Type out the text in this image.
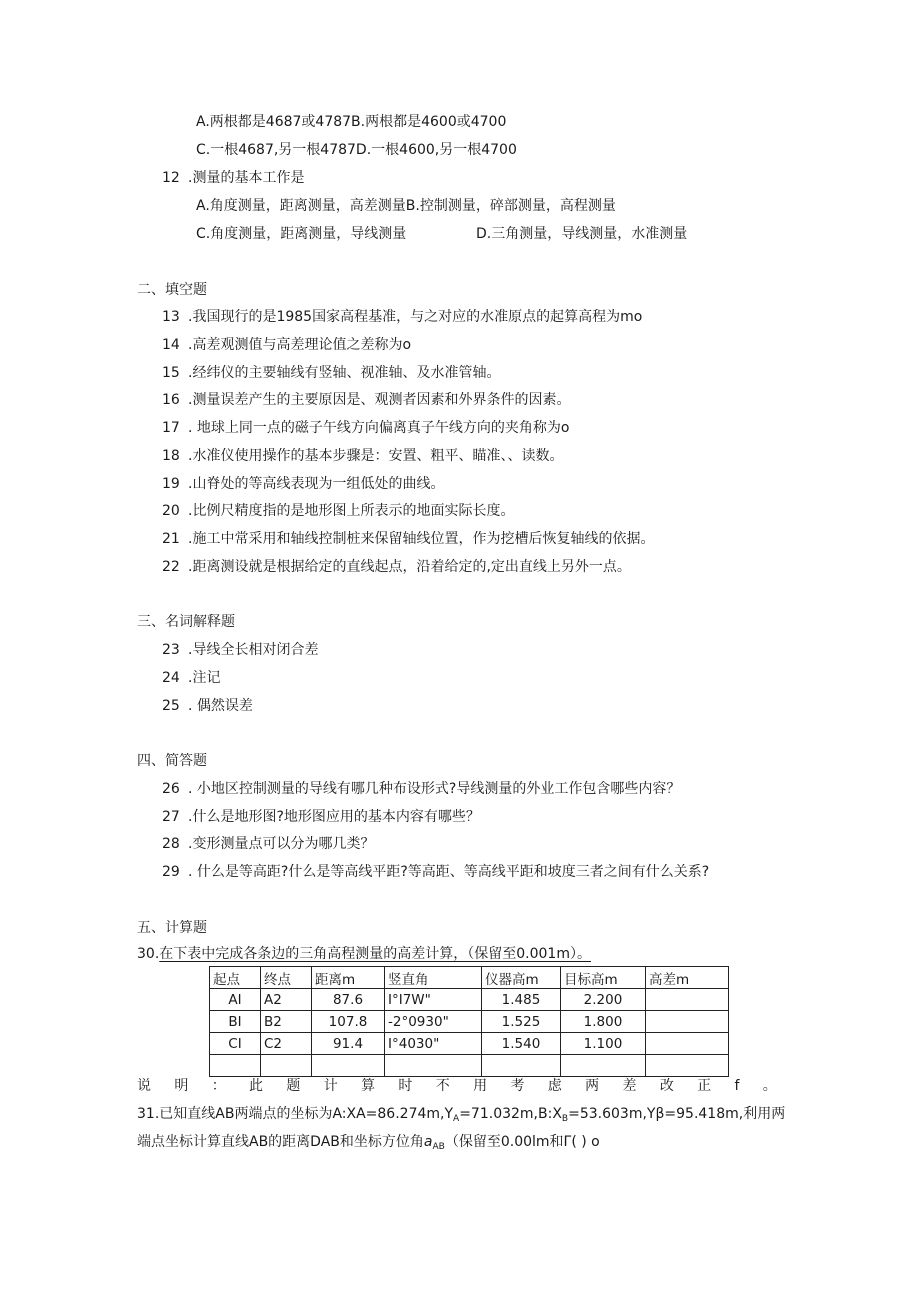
A.两根都是4687或4787B.两根都是4600或4700
C.一根4687,另一根4787D.一根4600,另一根4700
12 .测量的基本工作是
A.角度测量，距离测量，高差测量B.控制测量，碎部测量，高程测量
C.角度测量，距离测量，导线测量	D.三角测量，导线测量，水准测量
二、填空题
13 .我国现行的是1985国家高程基准，与之对应的水准原点的起算高程为mo
14 .高差观测值与高差理论值之差称为o
15 .经纬仪的主要轴线有竖轴、视准轴、及水准管轴。
16 .测量误差产生的主要原因是、观测者因素和外界条件的因素。
17 . 地球上同一点的磁子午线方向偏离真子午线方向的夹角称为o
18 .水准仪使用操作的基本步骤是：安置、粗平、瞄准、、读数。
19 .山脊处的等高线表现为一组低处的曲线。
20 .比例尺精度指的是地形图上所表示的地面实际长度。
21 .施工中常采用和轴线控制桩来保留轴线位置，作为挖槽后恢复轴线的依据。
22 .距离测设就是根据给定的直线起点，沿着给定的,定出直线上另外一点。
三、名词解释题
23 .导线全长相对闭合差
24 .注记
25 . 偶然误差
四、简答题
26 . 小地区控制测量的导线有哪几种布设形式?导线测量的外业工作包含哪些内容？
27 .什么是地形图?地形图应用的基本内容有哪些？
28 .变形测量点可以分为哪几类？
29 . 什么是等高距?什么是等高线平距?等高距、等高线平距和坡度三者之间有什么关系?
五、计算题
30.在下表中完成各条边的三角高程测量的高差计算，（保留至0.001m）。
起点	终点	距离m	竖直角	仪器高m	目标高m	高差m
AI	A2	87.6	I°I7W"	1.485	2.200	
BI	B2	107.8	-2°0930"	1.525	1.800	
CI	C2	91.4	I°4030"	1.540	1.100	

说 明 ： 此 题 计 算 时 不 用 考 虑 两 差 改 正 f 。
31.已知直线AB两端点的坐标为$A:XA=86.274m,Y_A=71.032m,B:X_B=53.603m,Y\beta=95.418m$,利用两
端点坐标计算直线AB的距离DAB和坐标方位角$a_{AB}$（保留至0.00lm和Γ( ) o
